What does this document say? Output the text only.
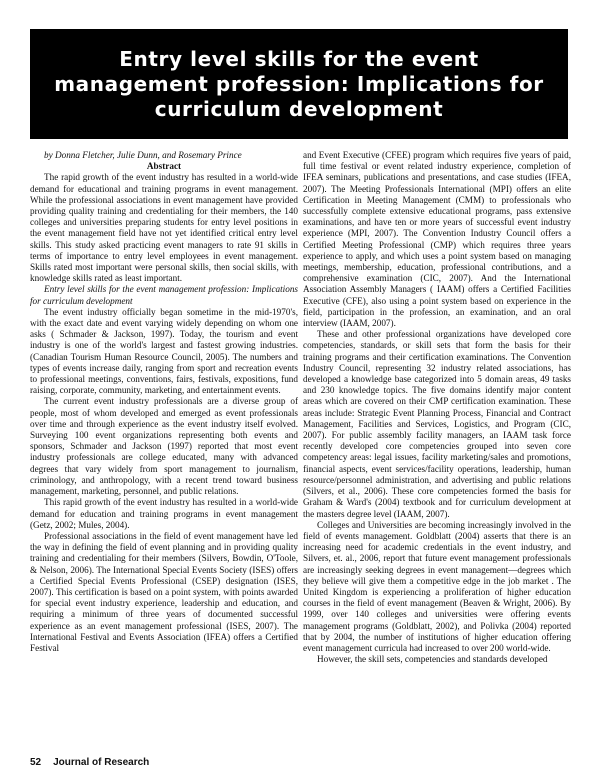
Entry level skills for the event management profession: Implications for curriculum development

by Donna Fletcher, Julie Dunn, and Rosemary Prince

Abstract

The rapid growth of the event industry has resulted in a world-wide demand for educational and training programs in event management. While the professional associations in event management have provided providing quality training and credentialing for their members, the 140 colleges and universities preparing students for entry level positions in the event management field have not yet identified critical entry level skills. This study asked practicing event managers to rate 91 skills in terms of importance to entry level employees in event management. Skills rated most important were personal skills, then social skills, with knowledge skills rated as least important.

Entry level skills for the event management profession: Implications for curriculum development

The event industry officially began sometime in the mid-1970's, with the exact date and event varying widely depending on whom one asks ( Schmader & Jackson, 1997). Today, the tourism and event industry is one of the world's largest and fastest growing industries. (Canadian Tourism Human Resource Council, 2005). The numbers and types of events increase daily, ranging from sport and recreation events to professional meetings, conventions, fairs, festivals, expositions, fund raising, corporate, community, marketing, and entertainment events.

The current event industry professionals are a diverse group of people, most of whom developed and emerged as event professionals over time and through experience as the event industry itself evolved. Surveying 100 event organizations representing both events and sponsors, Schmader and Jackson (1997) reported that most event industry professionals are college educated, many with advanced degrees that vary widely from sport management to journalism, criminology, and anthropology, with a recent trend toward business management, marketing, personnel, and public relations.

This rapid growth of the event industry has resulted in a world-wide demand for education and training programs in event management (Getz, 2002; Mules, 2004).

Professional associations in the field of event management have led the way in defining the field of event planning and in providing quality training and credentialing for their members (Silvers, Bowdin, O'Toole, & Nelson, 2006). The International Special Events Society (ISES) offers a Certified Special Events Professional (CSEP) designation (ISES, 2007). This certification is based on a point system, with points awarded for special event industry experience, leadership and education, and requiring a minimum of three years of documented successful experience as an event management professional (ISES, 2007). The International Festival and Events Association (IFEA) offers a Certified Festival

and Event Executive (CFEE) program which requires five years of paid, full time festival or event related industry experience, completion of IFEA seminars, publications and presentations, and case studies (IFEA, 2007). The Meeting Professionals International (MPI) offers an elite Certification in Meeting Management (CMM) to professionals who successfully complete extensive educational programs, pass extensive examinations, and have ten or more years of successful event industry experience (MPI, 2007). The Convention Industry Council offers a Certified Meeting Professional (CMP) which requires three years experience to apply, and which uses a point system based on managing meetings, membership, education, professional contributions, and a comprehensive examination (CIC, 2007). And the International Association Assembly Managers ( IAAM) offers a Certified Facilities Executive (CFE), also using a point system based on experience in the field, participation in the profession, an examination, and an oral interview (IAAM, 2007).

These and other professional organizations have developed core competencies, standards, or skill sets that form the basis for their training programs and their certification examinations. The Convention Industry Council, representing 32 industry related associations, has developed a knowledge base categorized into 5 domain areas, 49 tasks and 230 knowledge topics. The five domains identify major content areas which are covered on their CMP certification examination. These areas include: Strategic Event Planning Process, Financial and Contract Management, Facilities and Services, Logistics, and Program (CIC, 2007). For public assembly facility managers, an IAAM task force recently developed core competencies grouped into seven core competency areas: legal issues, facility marketing/sales and promotions, financial aspects, event services/facility operations, leadership, human resource/personnel administration, and advertising and public relations (Silvers, et al., 2006). These core competencies formed the basis for Graham & Ward's (2004) textbook and for curriculum development at the masters degree level (IAAM, 2007).

Colleges and Universities are becoming increasingly involved in the field of events management. Goldblatt (2004) asserts that there is an increasing need for academic credentials in the event industry, and Silvers, et. al., 2006, report that future event management professionals are increasingly seeking degrees in event management—degrees which they believe will give them a competitive edge in the job market . The United Kingdom is experiencing a proliferation of higher education courses in the field of event management (Beaven & Wright, 2006). By 1999, over 140 colleges and universities were offering events management programs (Goldblatt, 2002), and Polivka (2004) reported that by 2004, the number of institutions of higher education offering event management curricula had increased to over 200 world-wide.

However, the skill sets, competencies and standards developed

52 Journal of Research
